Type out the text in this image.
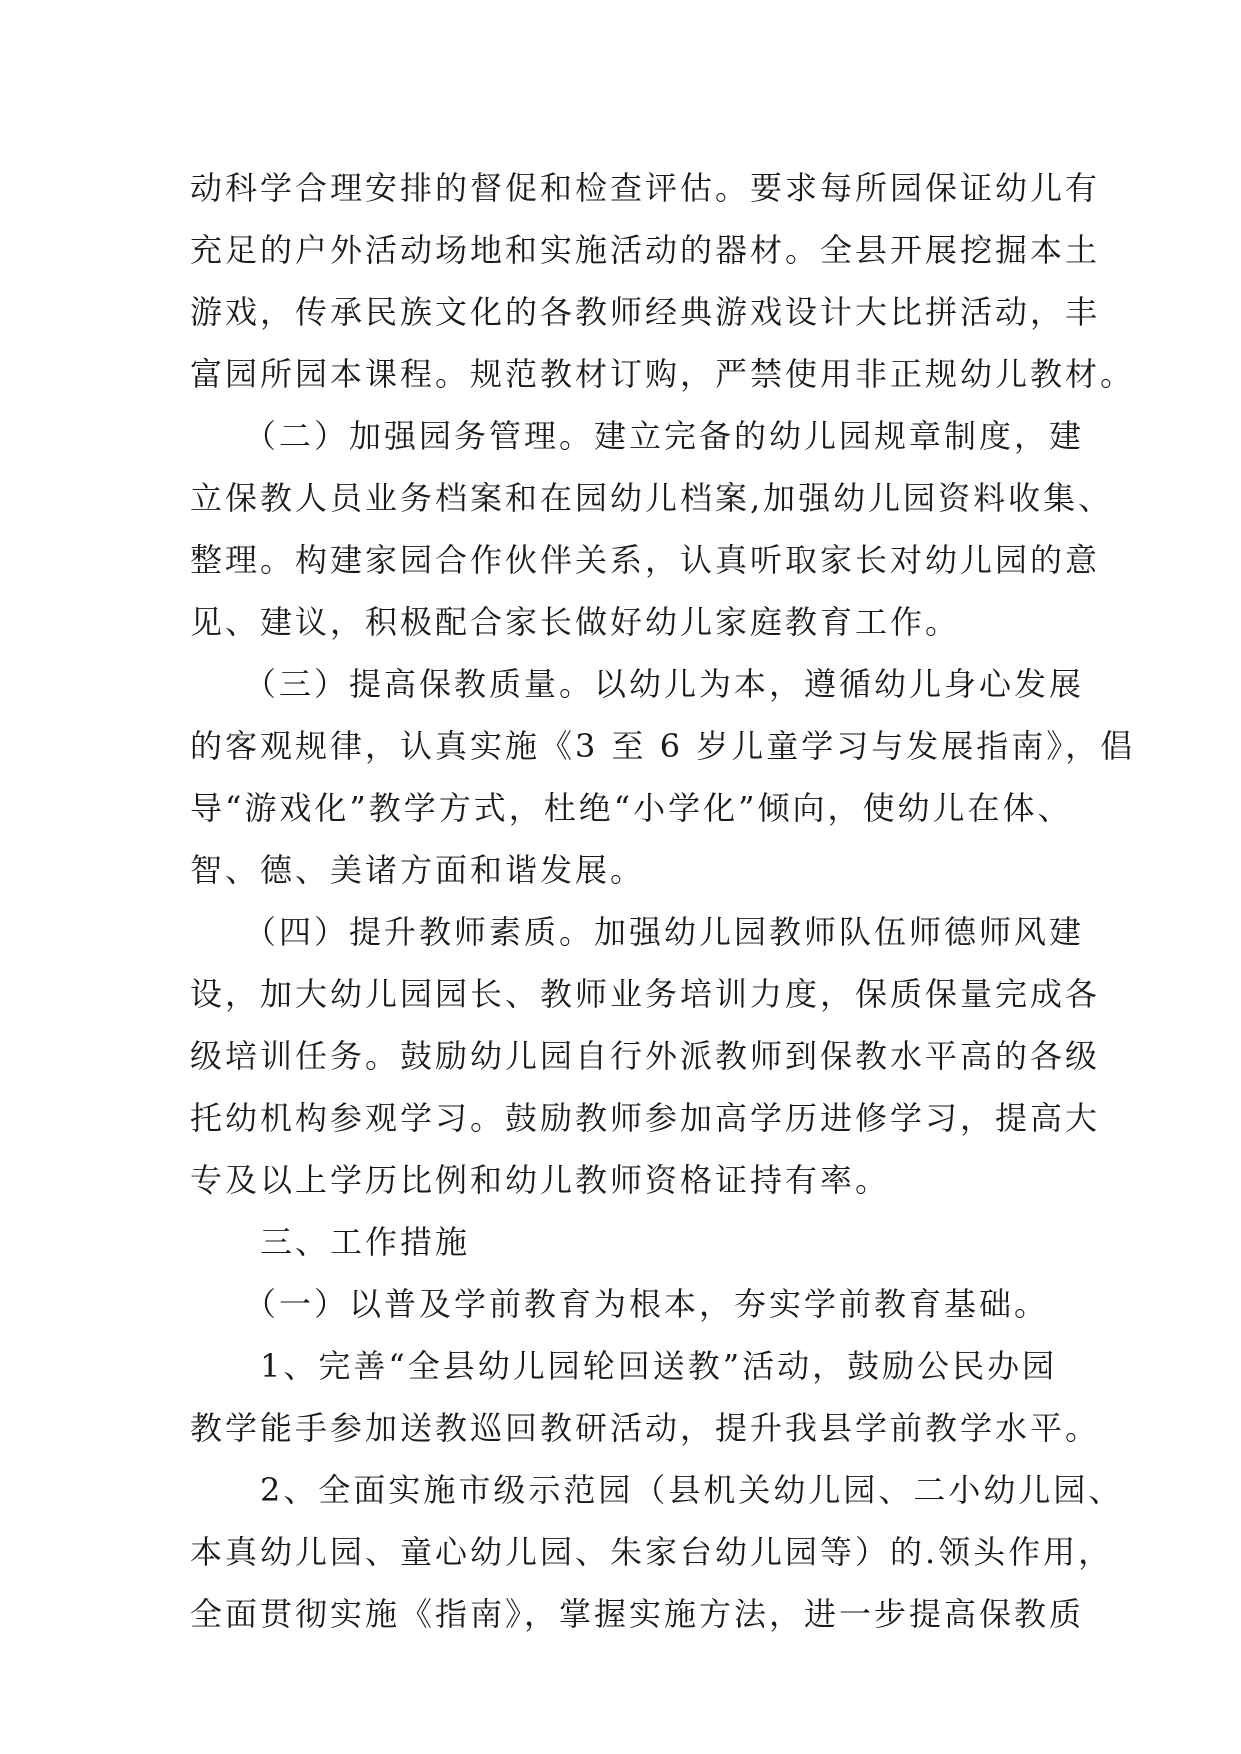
动科学合理安排的督促和检查评估。要求每所园保证幼儿有
充足的户外活动场地和实施活动的器材。全县开展挖掘本土
游戏，传承民族文化的各教师经典游戏设计大比拼活动，丰
富园所园本课程。规范教材订购，严禁使用非正规幼儿教材。
　　（二）加强园务管理。建立完备的幼儿园规章制度，建
立保教人员业务档案和在园幼儿档案,加强幼儿园资料收集、
整理。构建家园合作伙伴关系，认真听取家长对幼儿园的意
见、建议，积极配合家长做好幼儿家庭教育工作。
　　（三）提高保教质量。以幼儿为本，遵循幼儿身心发展
的客观规律，认真实施《3 至 6 岁儿童学习与发展指南》，倡
导“游戏化”教学方式，杜绝“小学化”倾向，使幼儿在体、
智、德、美诸方面和谐发展。
　　（四）提升教师素质。加强幼儿园教师队伍师德师风建
设，加大幼儿园园长、教师业务培训力度，保质保量完成各
级培训任务。鼓励幼儿园自行外派教师到保教水平高的各级
托幼机构参观学习。鼓励教师参加高学历进修学习，提高大
专及以上学历比例和幼儿教师资格证持有率。
　　三、工作措施
　　（一）以普及学前教育为根本，夯实学前教育基础。
　　1、完善“全县幼儿园轮回送教”活动，鼓励公民办园
教学能手参加送教巡回教研活动，提升我县学前教学水平。
　　2、全面实施市级示范园（县机关幼儿园、二小幼儿园、
本真幼儿园、童心幼儿园、朱家台幼儿园等）的.领头作用，
全面贯彻实施《指南》，掌握实施方法，进一步提高保教质
